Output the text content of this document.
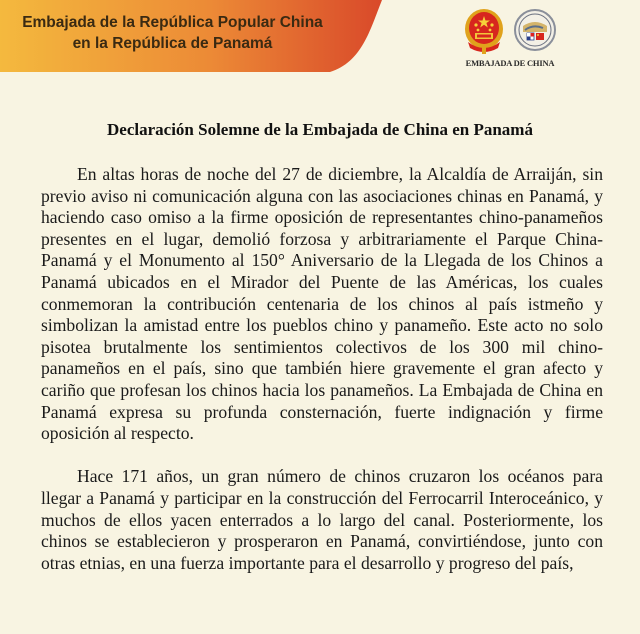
Embajada de la República Popular China
en la República de Panamá
EMBAJADA DE CHINA
Declaración Solemne de la Embajada de China en Panamá

En altas horas de noche del 27 de diciembre, la Alcaldía de Arraiján, sin previo aviso ni comunicación alguna con las asociaciones chinas en Panamá, y haciendo caso omiso a la firme oposición de representantes chino-panameños presentes en el lugar, demolió forzosa y arbitrariamente el Parque China-Panamá y el Monumento al 150° Aniversario de la Llegada de los Chinos a Panamá ubicados en el Mirador del Puente de las Américas, los cuales conmemoran la contribución centenaria de los chinos al país istmeño y simbolizan la amistad entre los pueblos chino y panameño. Este acto no solo pisotea brutalmente los sentimientos colectivos de los 300 mil chino-panameños en el país, sino que también hiere gravemente el gran afecto y cariño que profesan los chinos hacia los panameños. La Embajada de China en Panamá expresa su profunda consternación, fuerte indignación y firme oposición al respecto.

Hace 171 años, un gran número de chinos cruzaron los océanos para llegar a Panamá y participar en la construcción del Ferrocarril Interoceánico, y muchos de ellos yacen enterrados a lo largo del canal. Posteriormente, los chinos se establecieron y prosperaron en Panamá, convirtiéndose, junto con otras etnias, en una fuerza importante para el desarrollo y progreso del país,
